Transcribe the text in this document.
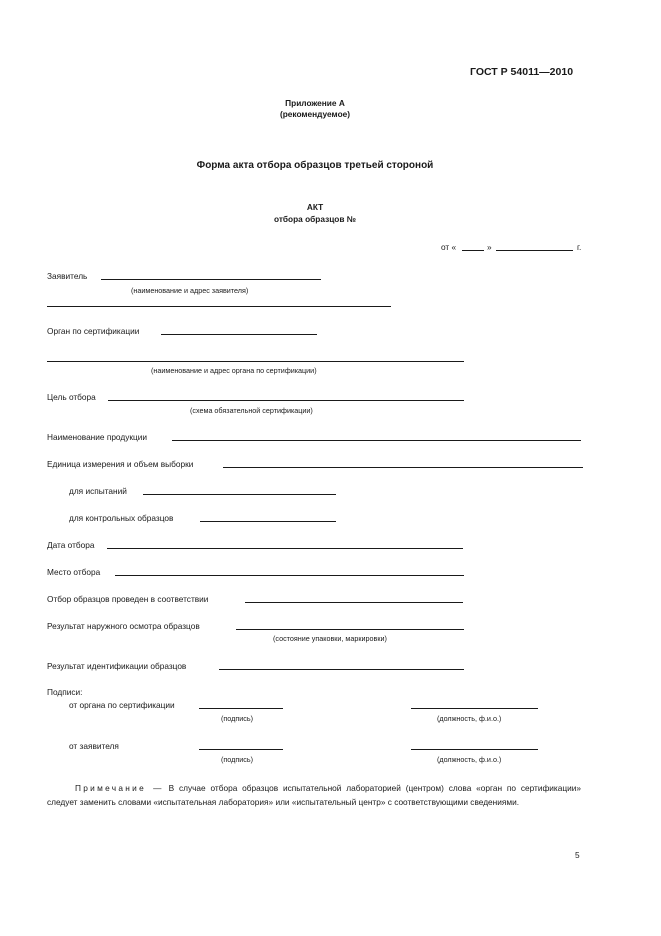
ГОСТ Р 54011—2010
Приложение А
(рекомендуемое)
Форма акта отбора образцов третьей стороной
АКТ
отбора образцов №
от «	»	г.
Заявитель
(наименование и адрес заявителя)
Орган по сертификации
(наименование и адрес органа по сертификации)
Цель отбора
(схема обязательной сертификации)
Наименование продукции
Единица измерения и объем выборки
для испытаний
для контрольных образцов
Дата отбора
Место отбора
Отбор образцов проведен в соответствии
Результат наружного осмотра образцов
(состояние упаковки, маркировки)
Результат идентификации образцов
Подписи:
от органа по сертификации
(подпись)	(должность, ф.и.о.)
от заявителя
(подпись)	(должность, ф.и.о.)
Примечание — В случае отбора образцов испытательной лабораторией (центром) слова «орган по сертификации» следует заменить словами «испытательная лаборатория» или «испытательный центр» с соответствующими сведениями.
5
